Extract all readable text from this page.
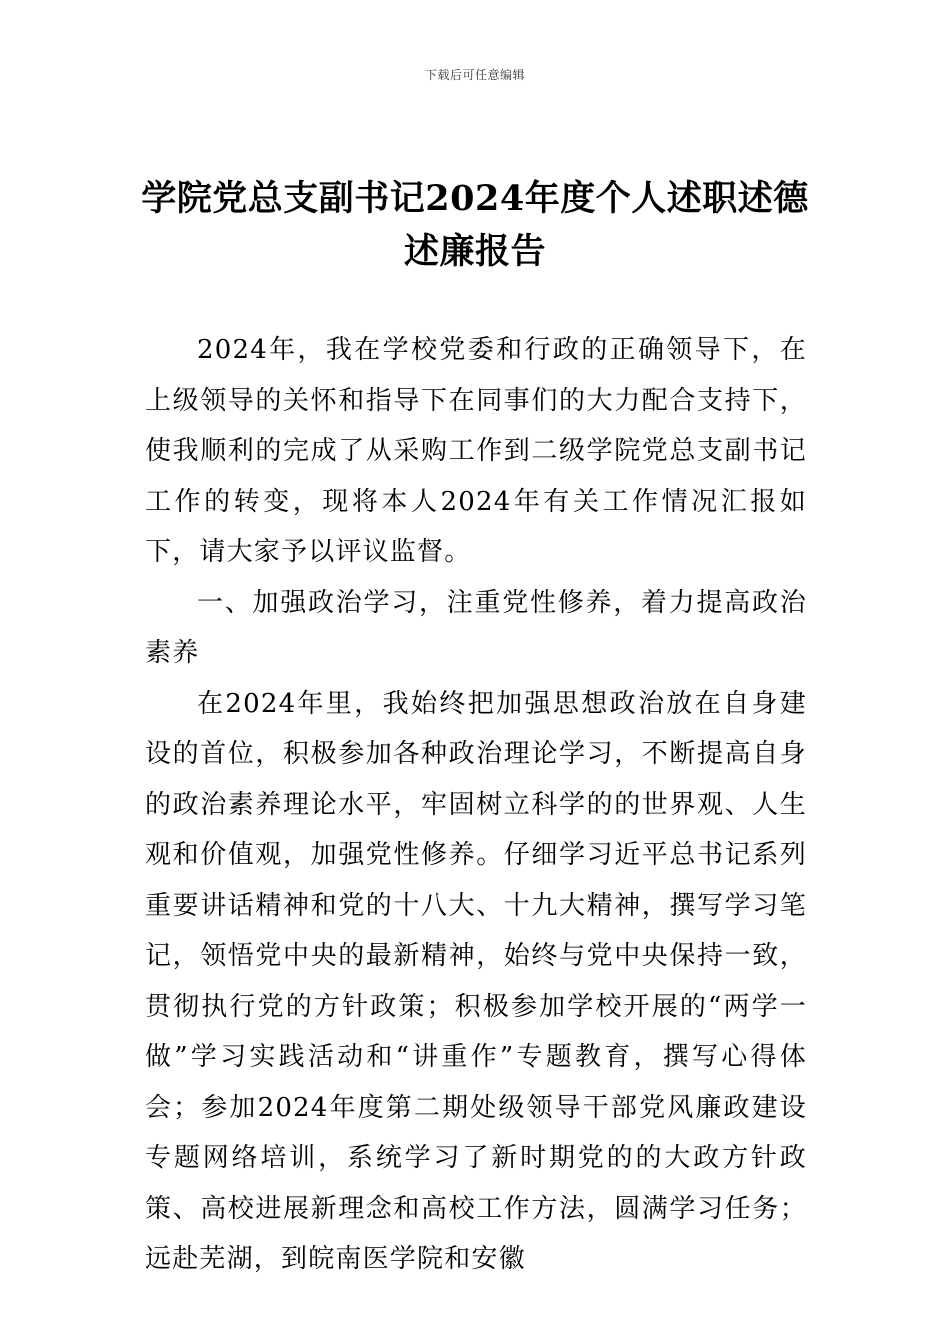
下载后可任意编辑
学院党总支副书记2024年度个人述职述德
述廉报告

2024年，我在学校党委和行政的正确领导下，在上级领导的关怀和指导下在同事们的大力配合支持下，使我顺利的完成了从采购工作到二级学院党总支副书记工作的转变，现将本人2024年有关工作情况汇报如下，请大家予以评议监督。

一、加强政治学习，注重党性修养，着力提高政治素养

在2024年里，我始终把加强思想政治放在自身建设的首位，积极参加各种政治理论学习，不断提高自身的政治素养理论水平，牢固树立科学的的世界观、人生观和价值观，加强党性修养。仔细学习近平总书记系列重要讲话精神和党的十八大、十九大精神，撰写学习笔记，领悟党中央的最新精神，始终与党中央保持一致，贯彻执行党的方针政策；积极参加学校开展的“两学一做”学习实践活动和“讲重作”专题教育，撰写心得体会；参加2024年度第二期处级领导干部党风廉政建设专题网络培训，系统学习了新时期党的的大政方针政策、高校进展新理念和高校工作方法，圆满学习任务；远赴芜湖，到皖南医学院和安徽
